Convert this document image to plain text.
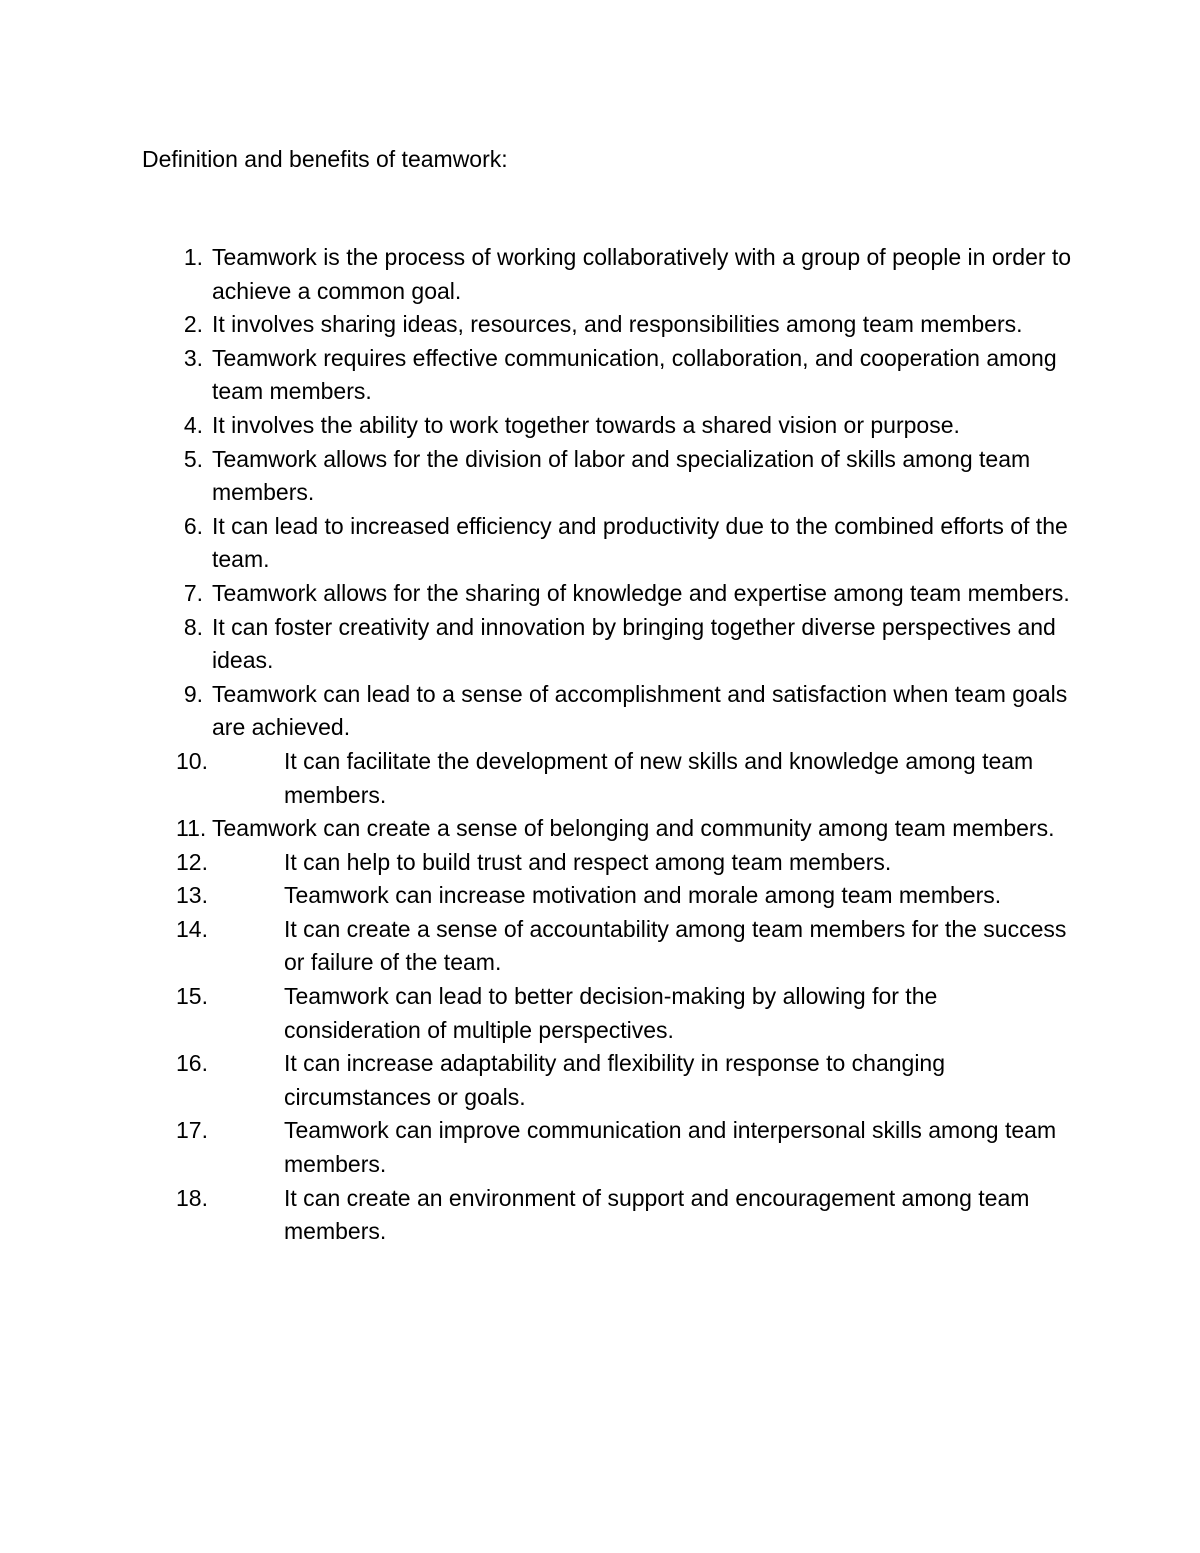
Definition and benefits of teamwork:
1. Teamwork is the process of working collaboratively with a group of people in order to achieve a common goal.
2. It involves sharing ideas, resources, and responsibilities among team members.
3. Teamwork requires effective communication, collaboration, and cooperation among team members.
4. It involves the ability to work together towards a shared vision or purpose.
5. Teamwork allows for the division of labor and specialization of skills among team members.
6. It can lead to increased efficiency and productivity due to the combined efforts of the team.
7. Teamwork allows for the sharing of knowledge and expertise among team members.
8. It can foster creativity and innovation by bringing together diverse perspectives and ideas.
9. Teamwork can lead to a sense of accomplishment and satisfaction when team goals are achieved.
10.	It can facilitate the development of new skills and knowledge among team members.
11. Teamwork can create a sense of belonging and community among team members.
12.	It can help to build trust and respect among team members.
13.	Teamwork can increase motivation and morale among team members.
14.	It can create a sense of accountability among team members for the success or failure of the team.
15.	Teamwork can lead to better decision-making by allowing for the consideration of multiple perspectives.
16.	It can increase adaptability and flexibility in response to changing circumstances or goals.
17.	Teamwork can improve communication and interpersonal skills among team members.
18.	It can create an environment of support and encouragement among team members.
